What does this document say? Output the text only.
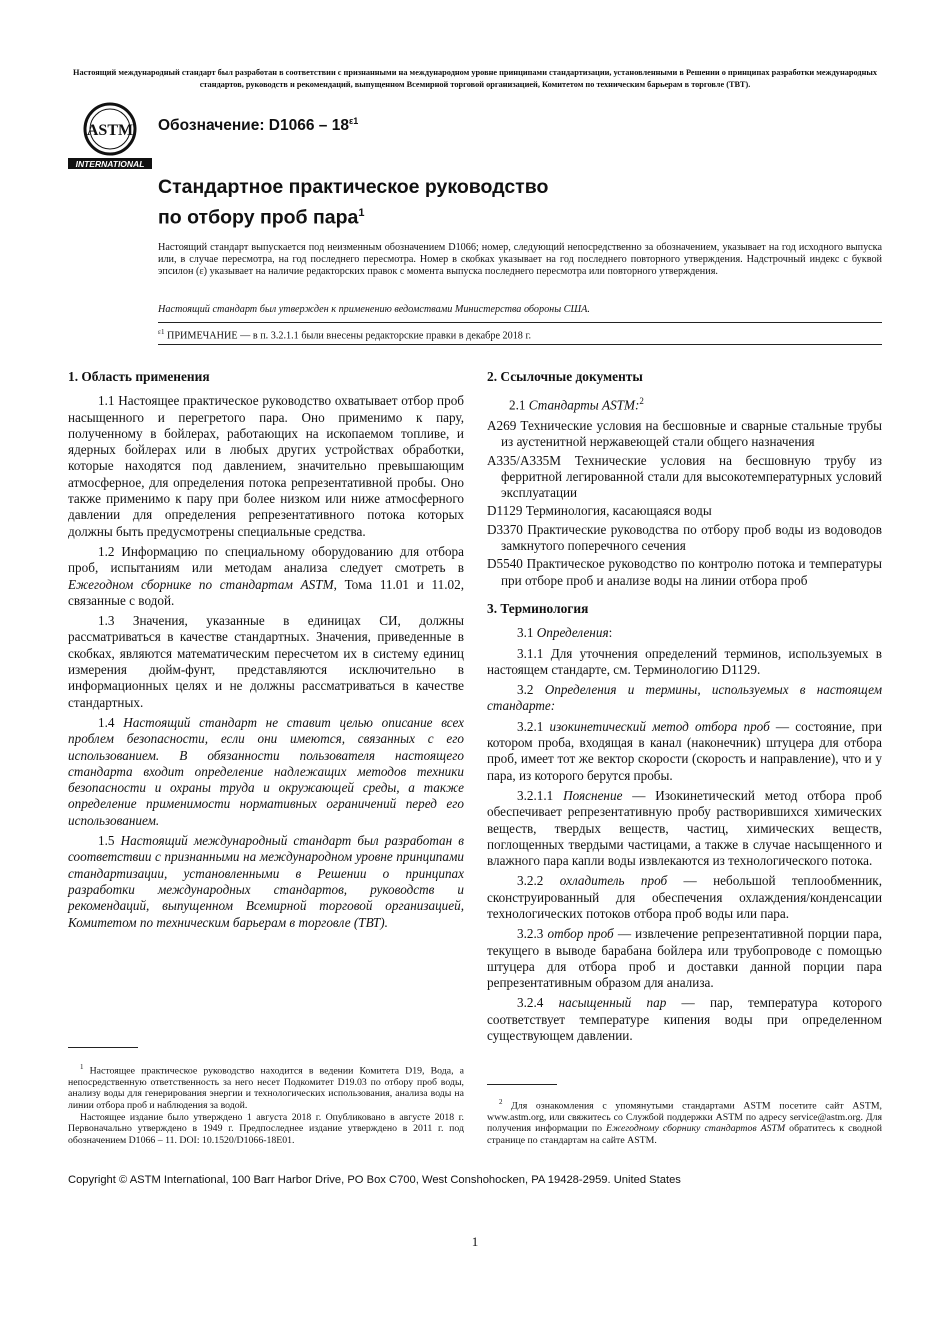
Настоящий международный стандарт был разработан в соответствии с признанными на международном уровне принципами стандартизации, установленными в Решении о принципах разработки международных стандартов, руководств и рекомендаций, выпущенном Всемирной торговой организацией, Комитетом по техническим барьерам в торговле (ТВТ).
ASTM
INTERNATIONAL
Обозначение: $D1066 - 18^{\varepsilon 1}$
Стандартное практическое руководство
по отбору проб пара$^1$
Настоящий стандарт выпускается под неизменным обозначением D1066; номер, следующий непосредственно за обозначением, указывает на год исходного выпуска или, в случае пересмотра, на год последнего пересмотра. Номер в скобках указывает на год последнего повторного утверждения. Надстрочный индекс с буквой эпсилон (ε) указывает на наличие редакторских правок с момента выпуска последнего пересмотра или повторного утверждения.
Настоящий стандарт был утвержден к применению ведомствами Министерства обороны США.
$^{\varepsilon 1}$ ПРИМЕЧАНИЕ — в п. 3.2.1.1 были внесены редакторские правки в декабре 2018 г.
1. Область применения

1.1 Настоящее практическое руководство охватывает отбор проб насыщенного и перегретого пара. Оно применимо к пару, полученному в бойлерах, работающих на ископаемом топливе, и ядерных бойлерах или в любых других устройствах обработки, которые находятся под давлением, значительно превышающим атмосферное, для определения потока репрезентативной пробы. Оно также применимо к пару при более низком или ниже атмосферного давлении для определения репрезентативного потока которых должны быть предусмотрены специальные средства.

1.2 Информацию по специальному оборудованию для отбора проб, испытаниям или методам анализа следует смотреть в Ежегодном сборнике по стандартам ASTM, Тома 11.01 и 11.02, связанные с водой.

1.3 Значения, указанные в единицах СИ, должны рассматриваться в качестве стандартных. Значения, приведенные в скобках, являются математическим пересчетом их в систему единиц измерения дюйм-фунт, представляются исключительно в информационных целях и не должны рассматриваться в качестве стандартных.

1.4 Настоящий стандарт не ставит целью описание всех проблем безопасности, если они имеются, связанных с его использованием. В обязанности пользователя настоящего стандарта входит определение надлежащих методов техники безопасности и охраны труда и окружающей среды, а также определение применимости нормативных ограничений перед его использованием.

1.5 Настоящий международный стандарт был разработан в соответствии с признанными на международном уровне принципами стандартизации, установленными в Решении о принципах разработки международных стандартов, руководств и рекомендаций, выпущенном Всемирной торговой организацией, Комитетом по техническим барьерам в торговле (ТВТ).

$^1$ Настоящее практическое руководство находится в ведении Комитета D19, Вода, а непосредственную ответственность за него несет Подкомитет D19.03 по отбору проб воды, анализу воды для генерирования энергии и технологических использования, анализа воды на линии отбора проб и наблюдения за водой.

Настоящее издание было утверждено 1 августа 2018 г. Опубликовано в августе 2018 г. Первоначально утверждено в 1949 г. Предпоследнее издание утверждено в 2011 г. под обозначением D1066 – 11. DOI: 10.1520/D1066-18E01.

2. Ссылочные документы

2.1 Стандарты ASTM:$^2$

A269 Технические условия на бесшовные и сварные стальные трубы из аустенитной нержавеющей стали общего назначения

A335/A335M Технические условия на бесшовную трубу из ферритной легированной стали для высокотемпературных условий эксплуатации

D1129 Терминология, касающаяся воды

D3370 Практические руководства по отбору проб воды из водоводов замкнутого поперечного сечения

D5540 Практическое руководство по контролю потока и температуры при отборе проб и анализе воды на линии отбора проб

3. Терминология

3.1 Определения:

3.1.1 Для уточнения определений терминов, используемых в настоящем стандарте, см. Терминологию D1129.

3.2 Определения и термины, используемых в настоящем стандарте:

3.2.1 изокинетический метод отбора проб — состояние, при котором проба, входящая в канал (наконечник) штуцера для отбора проб, имеет тот же вектор скорости (скорость и направление), что и у пара, из которого берутся пробы.

3.2.1.1 Пояснение — Изокинетический метод отбора проб обеспечивает репрезентативную пробу растворившихся химических веществ, твердых веществ, частиц, химических веществ, поглощенных твердыми частицами, а также в случае насыщенного и влажного пара капли воды извлекаются из технологического потока.

3.2.2 охладитель проб — небольшой теплообменник, сконструированный для обеспечения охлаждения/конденсации технологических потоков отбора проб воды или пара.

3.2.3 отбор проб — извлечение репрезентативной порции пара, текущего в выводе барабана бойлера или трубопроводе с помощью штуцера для отбора проб и доставки данной порции пара репрезентативным образом для анализа.

3.2.4 насыщенный пар — пар, температура которого соответствует температуре кипения воды при определенном существующем давлении.

$^2$ Для ознакомления с упомянутыми стандартами ASTM посетите сайт ASTM, www.astm.org, или свяжитесь со Службой поддержки ASTM по адресу service@astm.org. Для получения информации по Ежегодному сборнику стандартов ASTM обратитесь к сводной странице по стандартам на сайте ASTM.

Copyright © ASTM International, 100 Barr Harbor Drive, PO Box C700, West Conshohocken, PA 19428-2959. United States
1
